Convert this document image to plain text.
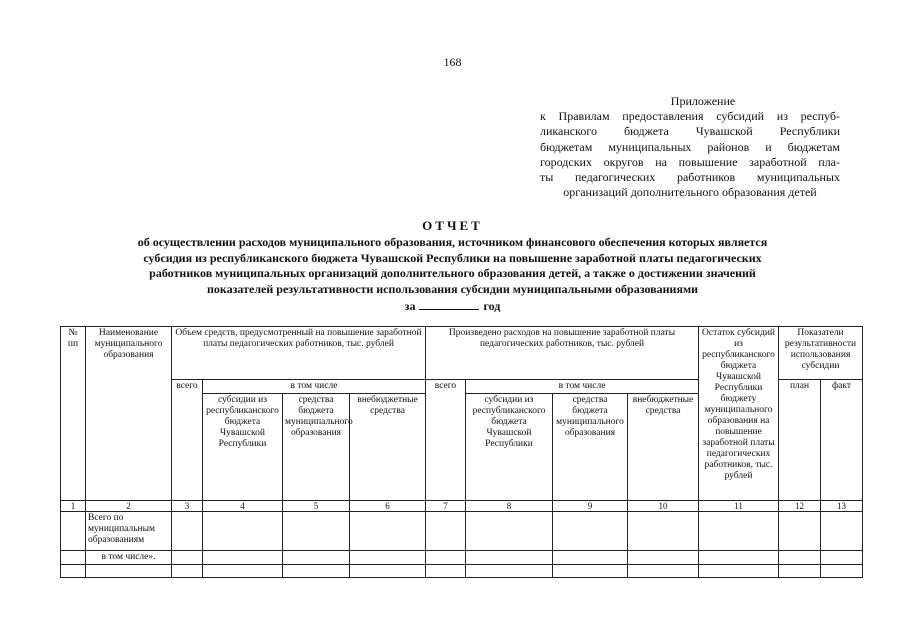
168
Приложение
к Правилам предоставления субсидий из респуб-
ликанского бюджета Чувашской Республики
бюджетам муниципальных районов и бюджетам
городских округов на повышение заработной пла-
ты педагогических работников муниципальных
организаций дополнительного образования детей
ОТЧЕТ
об осуществлении расходов муниципального образования, источником финансового обеспечения которых является
субсидия из республиканского бюджета Чувашской Республики на повышение заработной платы педагогических
работников муниципальных организаций дополнительного образования детей, а также о достижении значений
показателей результативности использования субсидии муниципальными образованиями
за	год
№ пп	Наименование муниципального образования	Объем средств, предусмотренный на повышение заработной платы педагогических работников, тыс. рублей				Произведено расходов на повышение заработной платы педагогических работников, тыс. рублей				Остаток субсидий из республиканского бюджета Чувашской Республики бюджету муниципального образования на повышение заработной платы педагогических работников, тыс. рублей	Показатели результативности использования субсидии	
		всего	в том числе			всего	в том числе				план	факт
			субсидии из республиканского бюджета Чувашской Республики	средства бюджета муниципального образования	внебюджетные средства		субсидии из республиканского бюджета Чувашской Республики	средства бюджета муниципального образования	внебюджетные средства			
1	2	3	4	5	6	7	8	9	10	11	12	13
	Всего по муниципальным образованиям											
	в том числе».											
